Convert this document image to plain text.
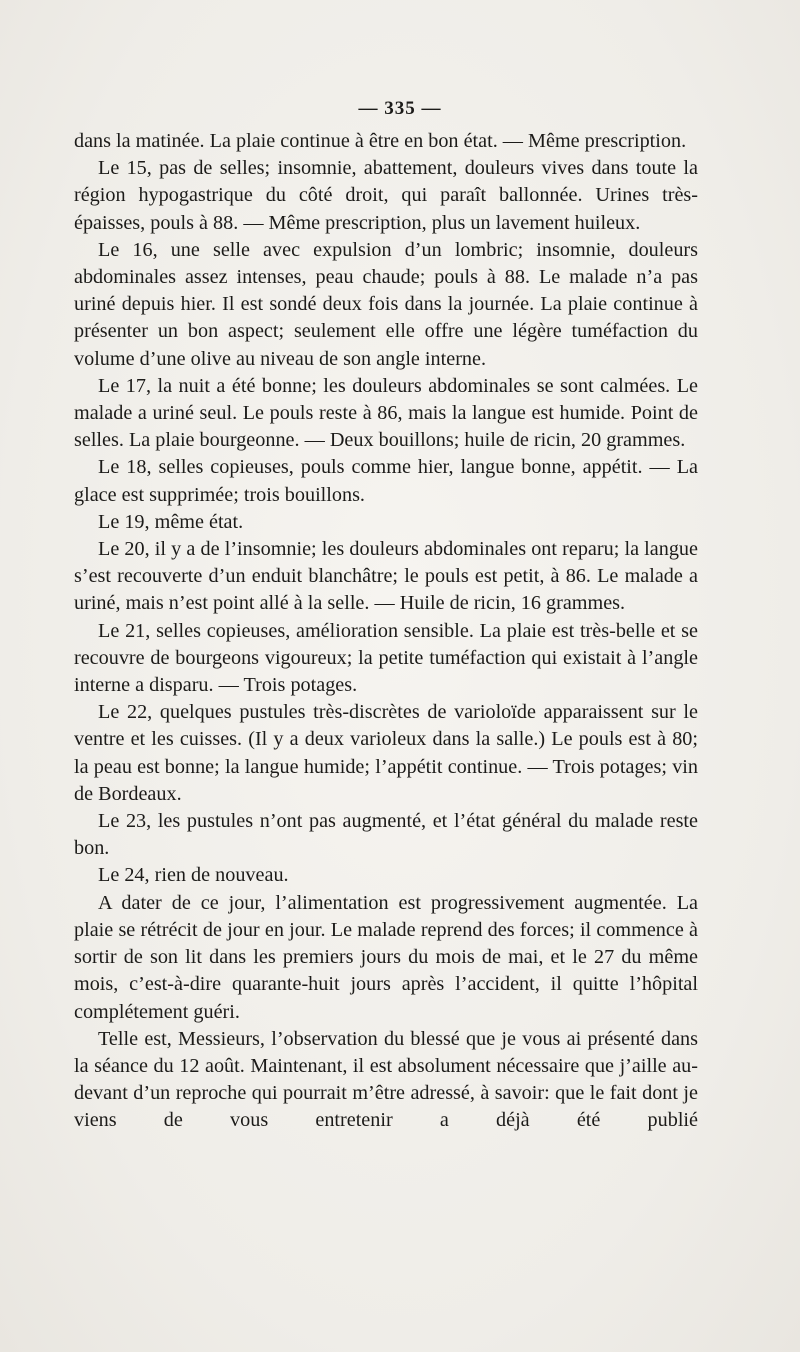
— 335 —

dans la matinée. La plaie continue à être en bon état. — Même prescription.

Le 15, pas de selles; insomnie, abattement, douleurs vives dans toute la région hypogastrique du côté droit, qui paraît ballonnée. Urines très-épaisses, pouls à 88. — Même prescription, plus un lavement huileux.

Le 16, une selle avec expulsion d’un lombric; insomnie, douleurs abdominales assez intenses, peau chaude; pouls à 88. Le malade n’a pas uriné depuis hier. Il est sondé deux fois dans la journée. La plaie continue à présenter un bon aspect; seulement elle offre une légère tuméfaction du volume d’une olive au niveau de son angle interne.

Le 17, la nuit a été bonne; les douleurs abdominales se sont calmées. Le malade a uriné seul. Le pouls reste à 86, mais la langue est humide. Point de selles. La plaie bourgeonne. — Deux bouillons; huile de ricin, 20 grammes.

Le 18, selles copieuses, pouls comme hier, langue bonne, appétit. — La glace est supprimée; trois bouillons.

Le 19, même état.

Le 20, il y a de l’insomnie; les douleurs abdominales ont reparu; la langue s’est recouverte d’un enduit blanchâtre; le pouls est petit, à 86. Le malade a uriné, mais n’est point allé à la selle. — Huile de ricin, 16 grammes.

Le 21, selles copieuses, amélioration sensible. La plaie est très-belle et se recouvre de bourgeons vigoureux; la petite tuméfaction qui existait à l’angle interne a disparu. — Trois potages.

Le 22, quelques pustules très-discrètes de varioloïde apparaissent sur le ventre et les cuisses. (Il y a deux varioleux dans la salle.) Le pouls est à 80; la peau est bonne; la langue humide; l’appétit continue. — Trois potages; vin de Bordeaux.

Le 23, les pustules n’ont pas augmenté, et l’état général du malade reste bon.

Le 24, rien de nouveau.

A dater de ce jour, l’alimentation est progressivement augmentée. La plaie se rétrécit de jour en jour. Le malade reprend des forces; il commence à sortir de son lit dans les premiers jours du mois de mai, et le 27 du même mois, c’est-à-dire quarante-huit jours après l’accident, il quitte l’hôpital complétement guéri.

Telle est, Messieurs, l’observation du blessé que je vous ai présenté dans la séance du 12 août. Maintenant, il est absolument nécessaire que j’aille au-devant d’un reproche qui pourrait m’être adressé, à savoir: que le fait dont je viens de vous entretenir a déjà été publié
